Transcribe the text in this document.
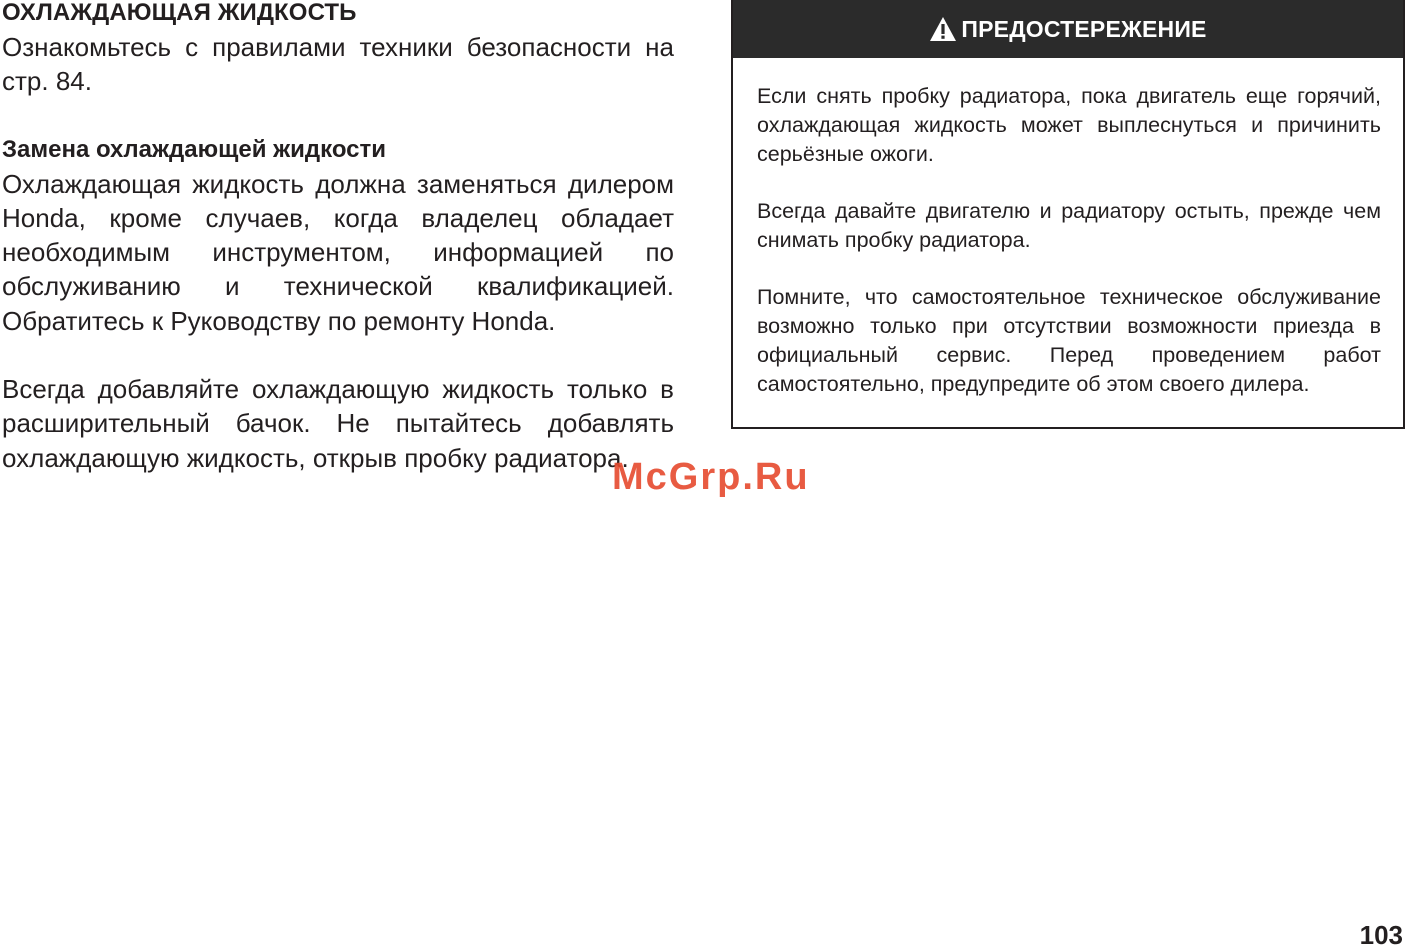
ОХЛАЖДАЮЩАЯ ЖИДКОСТЬ

Ознакомьтесь с правилами техники безопасности на стр. 84.

Замена охлаждающей жидкости

Охлаждающая жидкость должна заменяться дилером Honda, кроме случаев, когда владелец обладает необходимым инструментом, информацией по обслуживанию и технической квалификацией. Обратитесь к Руководству по ремонту Honda.

Всегда добавляйте охлаждающую жидкость только в расширительный бачок. Не пытайтесь добавлять охлаждающую жидкость, открыв пробку радиатора.

ПРЕДОСТЕРЕЖЕНИЕ

Если снять пробку радиатора, пока двигатель еще горячий, охлаждающая жидкость может выплеснуться и причинить серьёзные ожоги.

Всегда давайте двигателю и радиатору остыть, прежде чем снимать пробку радиатора.

Помните, что самостоятельное техническое обслуживание возможно только при отсутствии возможности приезда в официальный сервис. Перед проведением работ самостоятельно, предупредите об этом своего дилера.

McGrp.Ru
103
